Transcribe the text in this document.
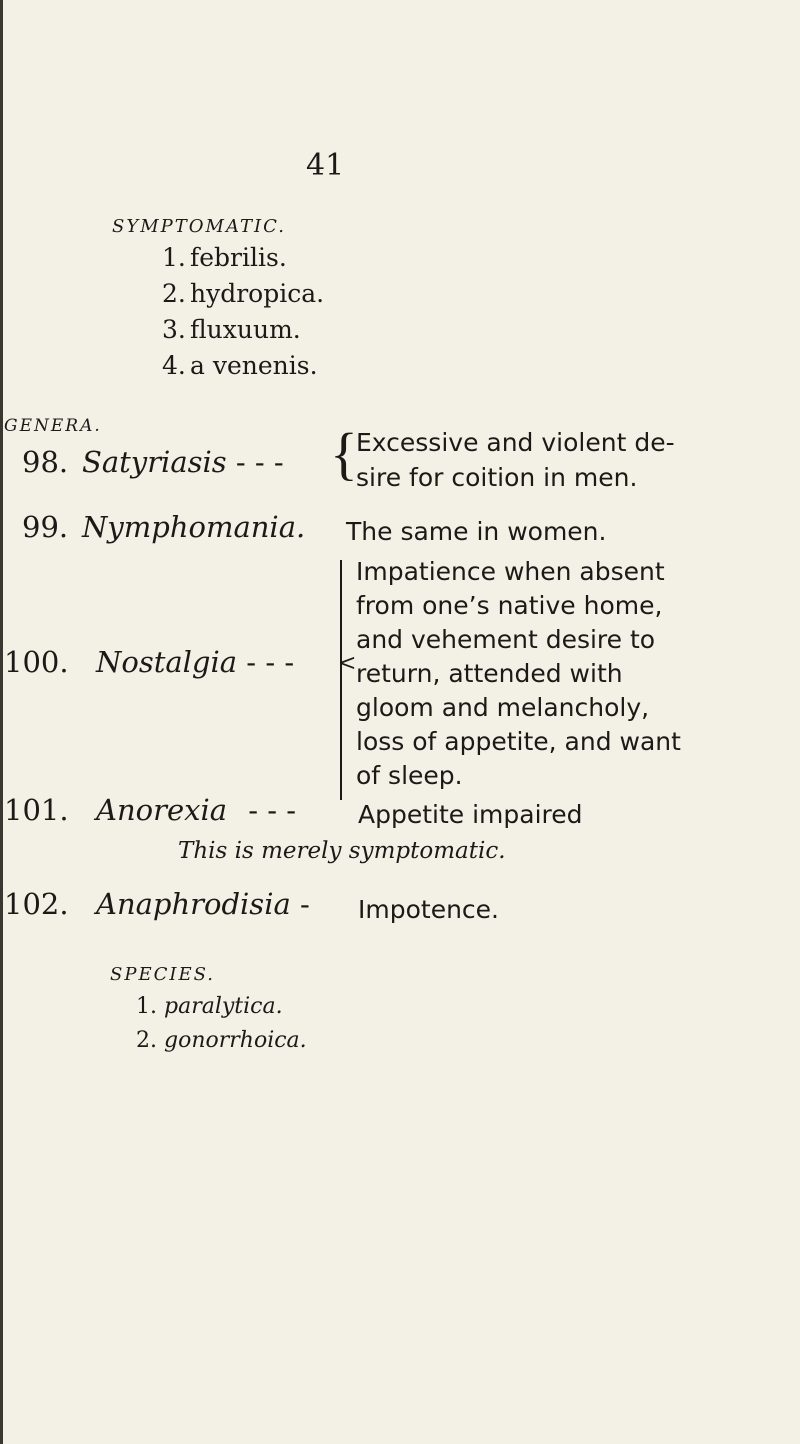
41
SYMPTOMATIC.
1. febrilis.
2. hydropica.
3. fluxuum.
4. a venenis.
GENERA.
98. Satyriasis - - - {
Excessive and violent de-
sire for coition in men.
99. Nymphomania. The same in women.
100. Nostalgia - - - <
Impatience when absent
from one’s native home,
and vehement desire to
return, attended with
gloom and melancholy,
loss of appetite, and want
of sleep.
101. Anorexia - - - Appetite impaired
This is merely symptomatic.
102. Anaphrodisia - Impotence.
SPECIES.
1. paralytica.
2. gonorrhoica.
